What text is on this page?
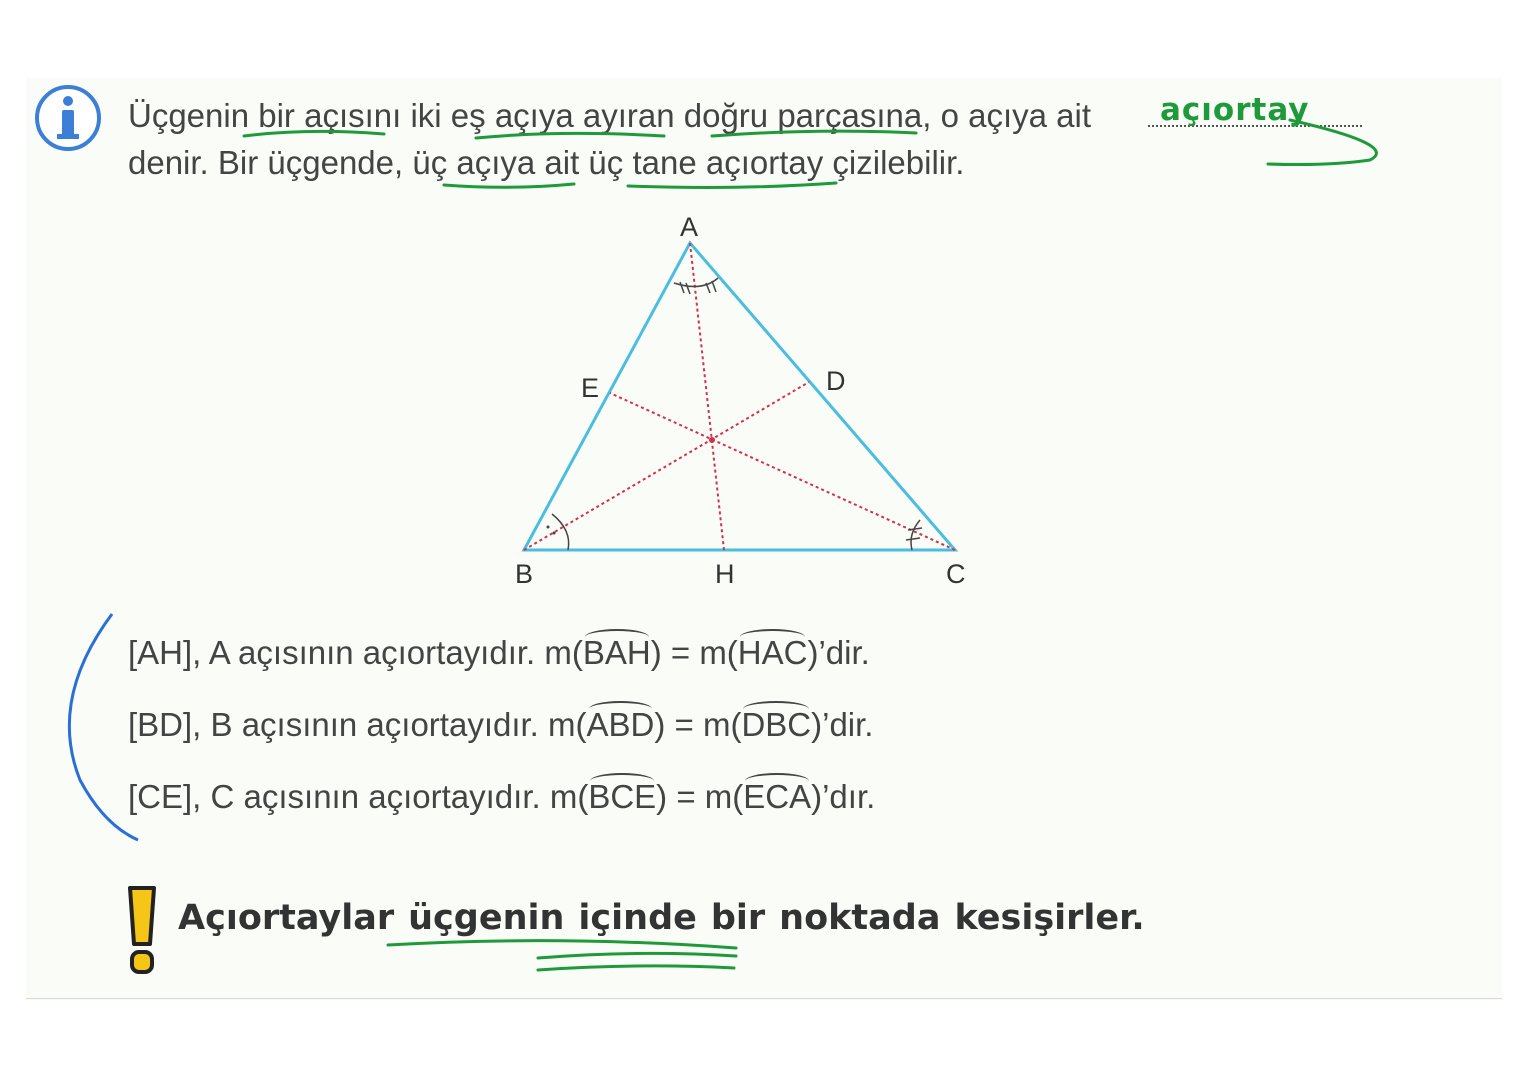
Üçgenin bir açısını iki eş açıya ayıran doğru parçasına, o açıya ait
denir. Bir üçgende, üç açıya ait üç tane açıortay çizilebilir.
açıortay
A
B	C
D
E
H
[AH], A açısının açıortayıdır. m(BAH) = m(HAC)’dir.
[BD], B açısının açıortayıdır. m(ABD) = m(DBC)’dir.
[CE], C açısının açıortayıdır. m(BCE) = m(ECA)’dır.
Açıortaylar üçgenin içinde bir noktada kesişirler.
